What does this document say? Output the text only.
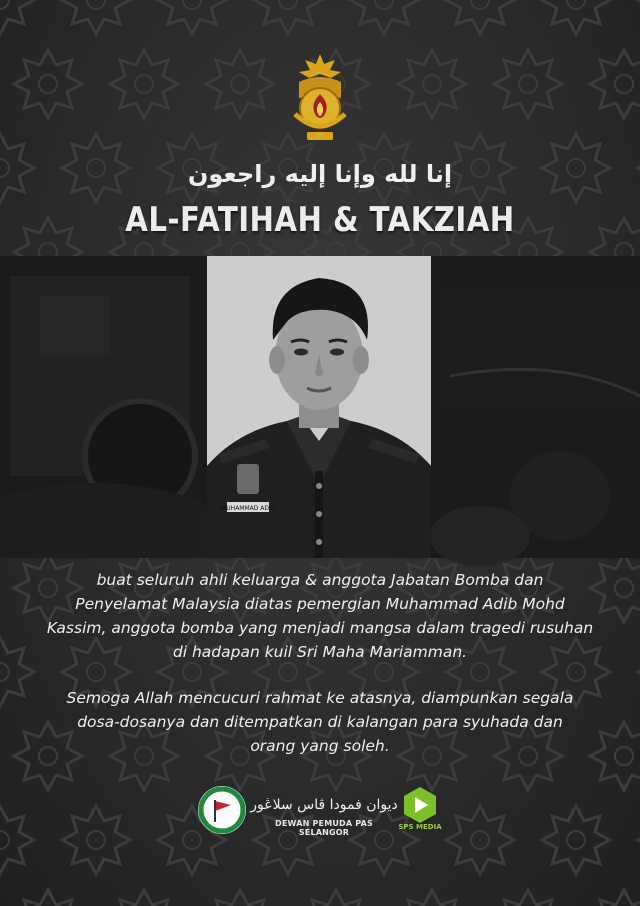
إنا لله وإنا إليه راجعون
AL-FATIHAH & TAKZIAH
MUHAMMAD ADIB

buat seluruh ahli keluarga & anggota Jabatan Bomba dan
Penyelamat Malaysia diatas pemergian Muhammad Adib Mohd
Kassim, anggota bomba yang menjadi mangsa dalam tragedi rusuhan
di hadapan kuil Sri Maha Mariamman.

Semoga Allah mencucuri rahmat ke atasnya, diampunkan segala
dosa-dosanya dan ditempatkan di kalangan para syuhada dan
orang yang soleh.

ديوان فمودا ڤاس سلاڠور
DEWAN PEMUDA PAS SELANGOR
SPS MEDIA
